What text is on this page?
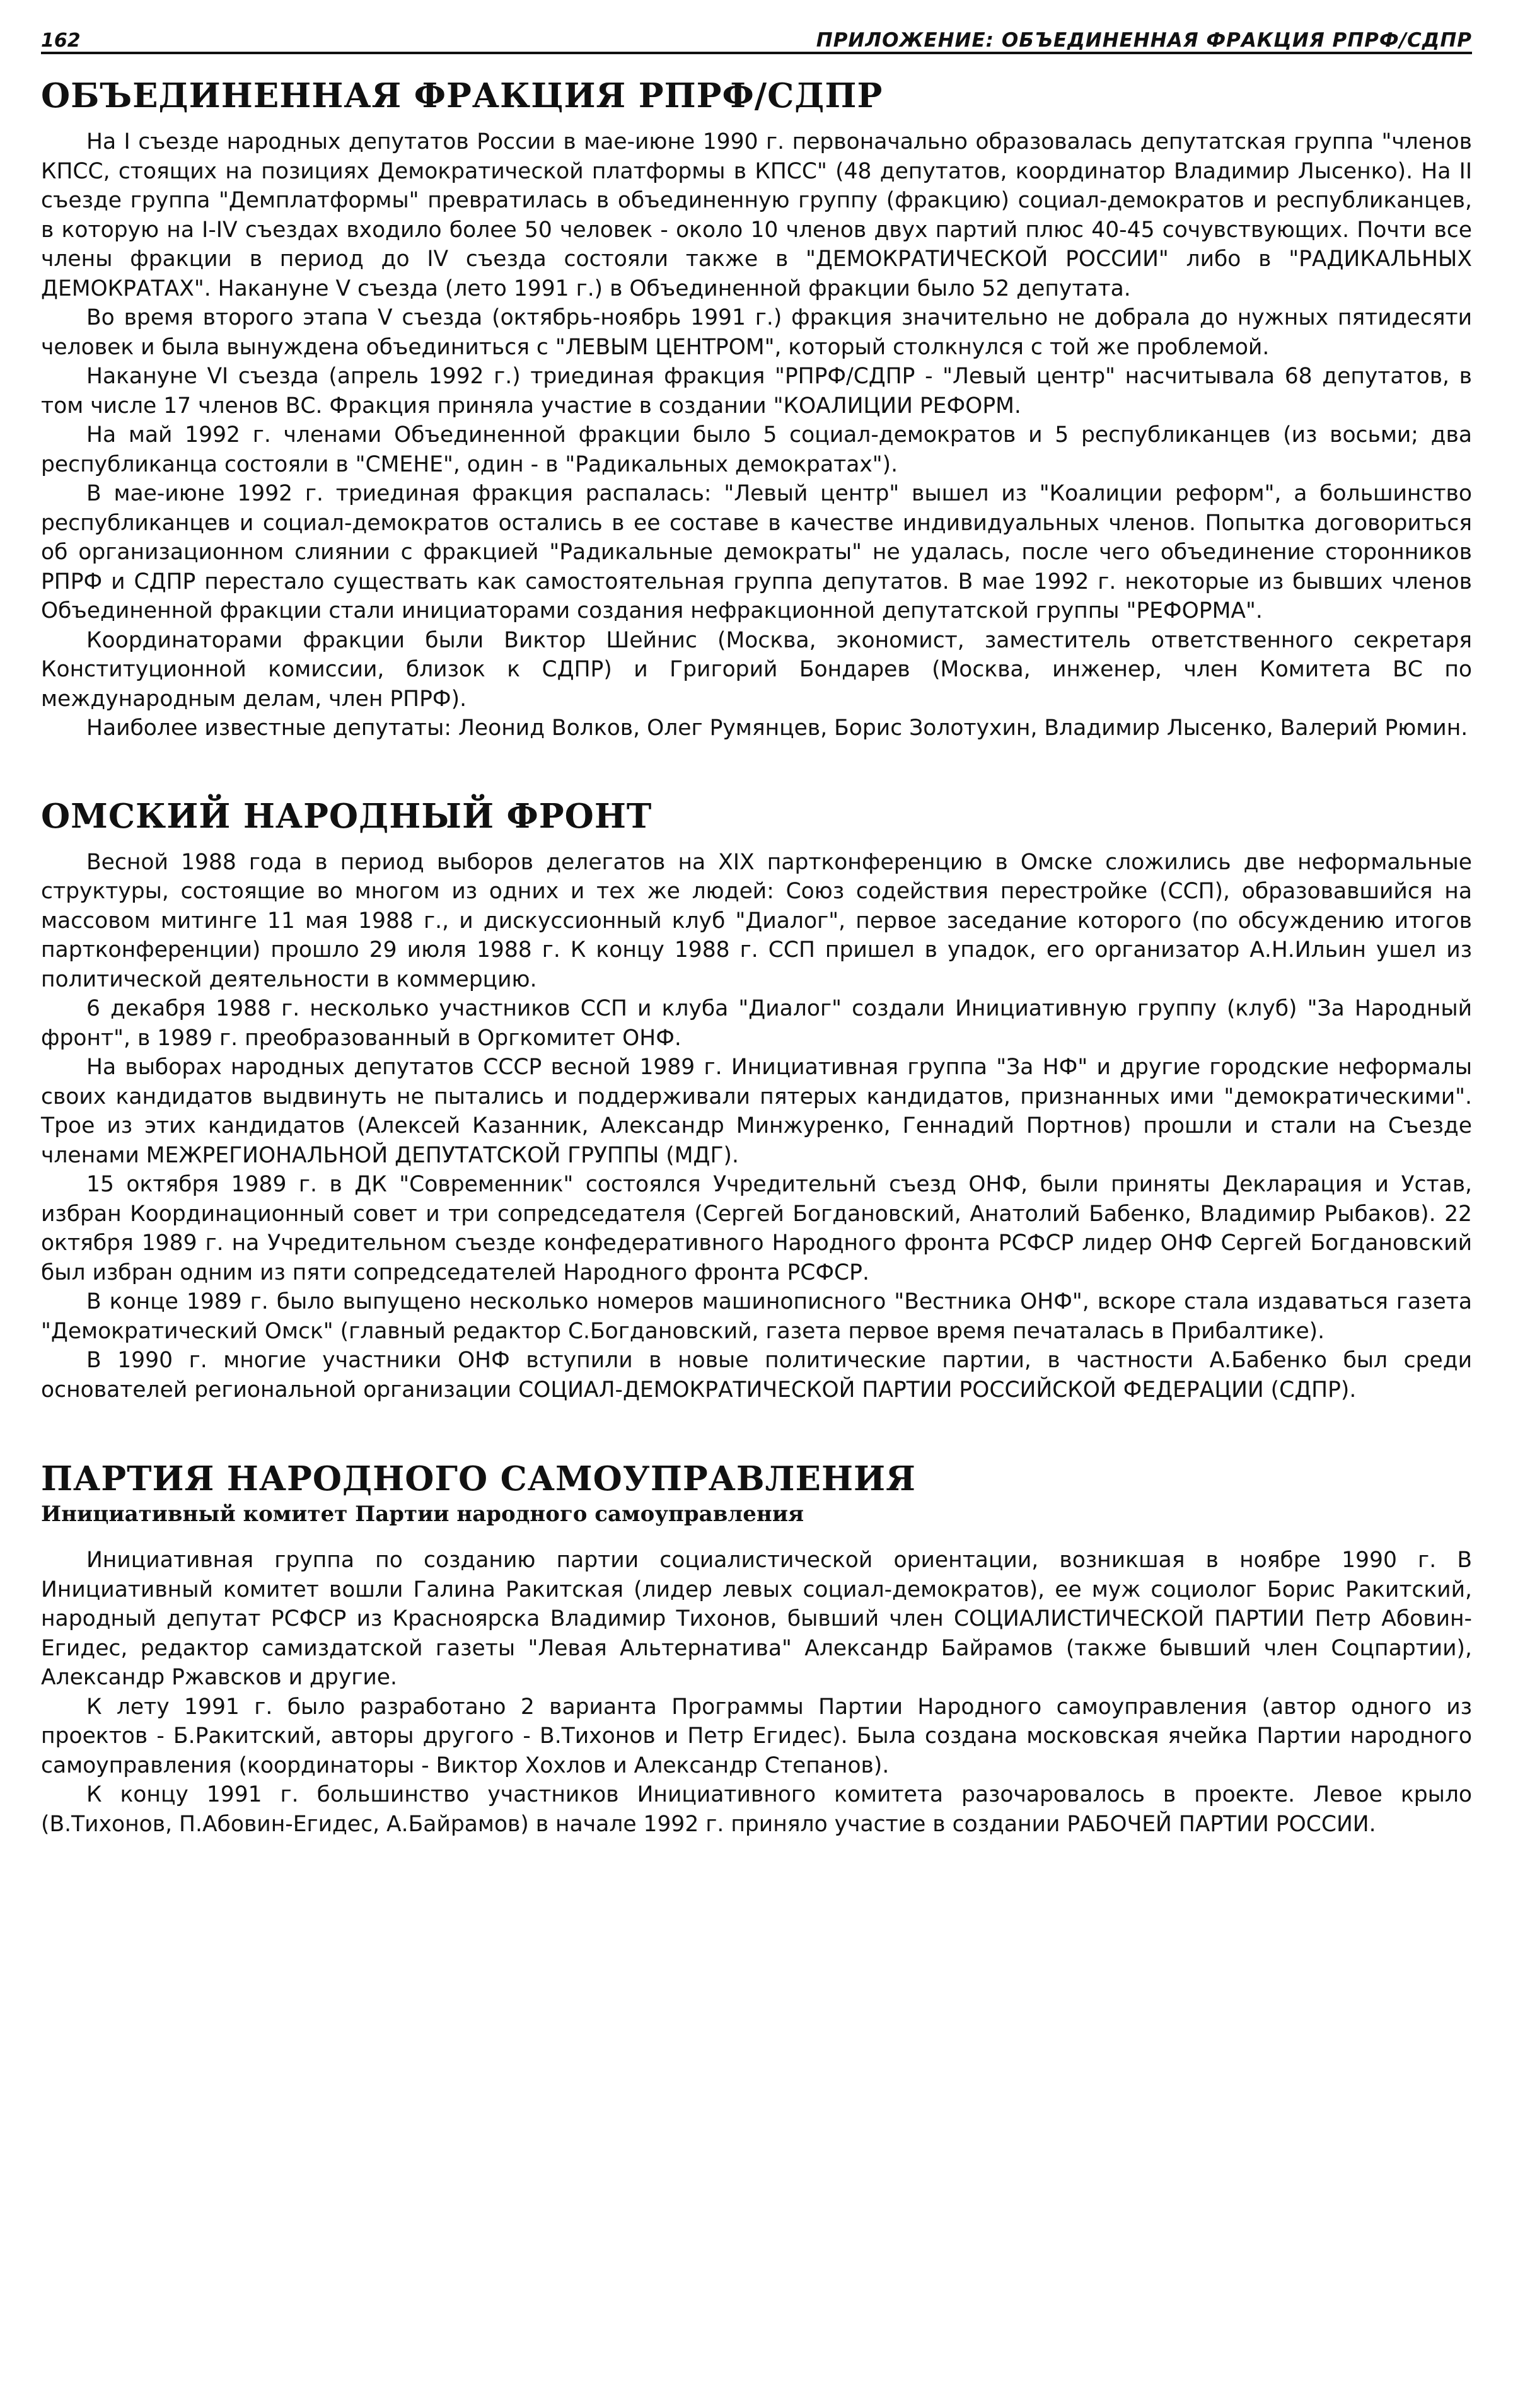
162	ПРИЛОЖЕНИЕ: ОБЪЕДИНЕННАЯ ФРАКЦИЯ РПРФ/СДПР
ОБЪЕДИНЕННАЯ ФРАКЦИЯ РПРФ/СДПР

На I съезде народных депутатов России в мае-июне 1990 г. первоначально образовалась депутатская группа "членов КПСС, стоящих на позициях Демократической платформы в КПСС" (48 депутатов, координатор Владимир Лысенко). На II съезде группа "Демплатформы" превратилась в объединенную группу (фракцию) социал-демократов и республиканцев, в которую на I-IV съездах входило более 50 человек - около 10 членов двух партий плюс 40-45 сочувствующих. Почти все члены фракции в период до IV съезда состояли также в "ДЕМОКРАТИЧЕСКОЙ РОССИИ" либо в "РАДИКАЛЬНЫХ ДЕМОКРАТАХ". Накануне V съезда (лето 1991 г.) в Объединенной фракции было 52 депутата.

Во время второго этапа V съезда (октябрь-ноябрь 1991 г.) фракция значительно не добрала до нужных пятидесяти человек и была вынуждена объединиться с "ЛЕВЫМ ЦЕНТРОМ", который столкнулся с той же проблемой.

Накануне VI съезда (апрель 1992 г.) триединая фракция "РПРФ/СДПР - "Левый центр" насчитывала 68 депутатов, в том числе 17 членов ВС. Фракция приняла участие в создании "КОАЛИЦИИ РЕФОРМ.

На май 1992 г. членами Объединенной фракции было 5 социал-демократов и 5 республиканцев (из восьми; два республиканца состояли в "СМЕНЕ", один - в "Радикальных демократах").

В мае-июне 1992 г. триединая фракция распалась: "Левый центр" вышел из "Коалиции реформ", а большинство республиканцев и социал-демократов остались в ее составе в качестве индивидуальных членов. Попытка договориться об организационном слиянии с фракцией "Радикальные демократы" не удалась, после чего объединение сторонников РПРФ и СДПР перестало существать как самостоятельная группа депутатов. В мае 1992 г. некоторые из бывших членов Объединенной фракции стали инициаторами создания нефракционной депутатской группы "РЕФОРМА".

Координаторами фракции были Виктор Шейнис (Москва, экономист, заместитель ответственного секретаря Конституционной комиссии, близок к СДПР) и Григорий Бондарев (Москва, инженер, член Комитета ВС по международным делам, член РПРФ).

Наиболее известные депутаты: Леонид Волков, Олег Румянцев, Борис Золотухин, Владимир Лысенко, Валерий Рюмин.

ОМСКИЙ НАРОДНЫЙ ФРОНТ

Весной 1988 года в период выборов делегатов на XIX партконференцию в Омске сложились две неформальные структуры, состоящие во многом из одних и тех же людей: Союз содействия перестройке (ССП), образовавшийся на массовом митинге 11 мая 1988 г., и дискуссионный клуб "Диалог", первое заседание которого (по обсуждению итогов партконференции) прошло 29 июля 1988 г. К концу 1988 г. ССП пришел в упадок, его организатор А.Н.Ильин ушел из политической деятельности в коммерцию.

6 декабря 1988 г. несколько участников ССП и клуба "Диалог" создали Инициативную группу (клуб) "За Народный фронт", в 1989 г. преобразованный в Оргкомитет ОНФ.

На выборах народных депутатов СССР весной 1989 г. Инициативная группа "За НФ" и другие городские неформалы своих кандидатов выдвинуть не пытались и поддерживали пятерых кандидатов, признанных ими "демократическими". Трое из этих кандидатов (Алексей Казанник, Александр Минжуренко, Геннадий Портнов) прошли и стали на Съезде членами МЕЖРЕГИОНАЛЬНОЙ ДЕПУТАТСКОЙ ГРУППЫ (МДГ).

15 октября 1989 г. в ДК "Современник" состоялся Учредительнй съезд ОНФ, были приняты Декларация и Устав, избран Координационный совет и три сопредседателя (Сергей Богдановский, Анатолий Бабенко, Владимир Рыбаков). 22 октября 1989 г. на Учредительном съезде конфедеративного Народного фронта РСФСР лидер ОНФ Сергей Богдановский был избран одним из пяти сопредседателей Народного фронта РСФСР.

В конце 1989 г. было выпущено несколько номеров машинописного "Вестника ОНФ", вскоре стала издаваться газета "Демократический Омск" (главный редактор С.Богдановский, газета первое время печаталась в Прибалтике).

В 1990 г. многие участники ОНФ вступили в новые политические партии, в частности А.Бабенко был среди основателей региональной организации СОЦИАЛ-ДЕМОКРАТИЧЕСКОЙ ПАРТИИ РОССИЙСКОЙ ФЕДЕРАЦИИ (СДПР).

ПАРТИЯ НАРОДНОГО САМОУПРАВЛЕНИЯ
Инициативный комитет Партии народного самоуправления

Инициативная группа по созданию партии социалистической ориентации, возникшая в ноябре 1990 г. В Инициативный комитет вошли Галина Ракитская (лидер левых социал-демократов), ее муж социолог Борис Ракитский, народный депутат РСФСР из Красноярска Владимир Тихонов, бывший член СОЦИАЛИСТИЧЕСКОЙ ПАРТИИ Петр Абовин-Егидес, редактор самиздатской газеты "Левая Альтернатива" Александр Байрамов (также бывший член Соцпартии), Александр Ржавсков и другие.

К лету 1991 г. было разработано 2 варианта Программы Партии Народного самоуправления (автор одного из проектов - Б.Ракитский, авторы другого - В.Тихонов и Петр Егидес). Была создана московская ячейка Партии народного самоуправления (координаторы - Виктор Хохлов и Александр Степанов).

К концу 1991 г. большинство участников Инициативного комитета разочаровалось в проекте. Левое крыло (В.Тихонов, П.Абовин-Егидес, А.Байрамов) в начале 1992 г. приняло участие в создании РАБОЧЕЙ ПАРТИИ РОССИИ.
